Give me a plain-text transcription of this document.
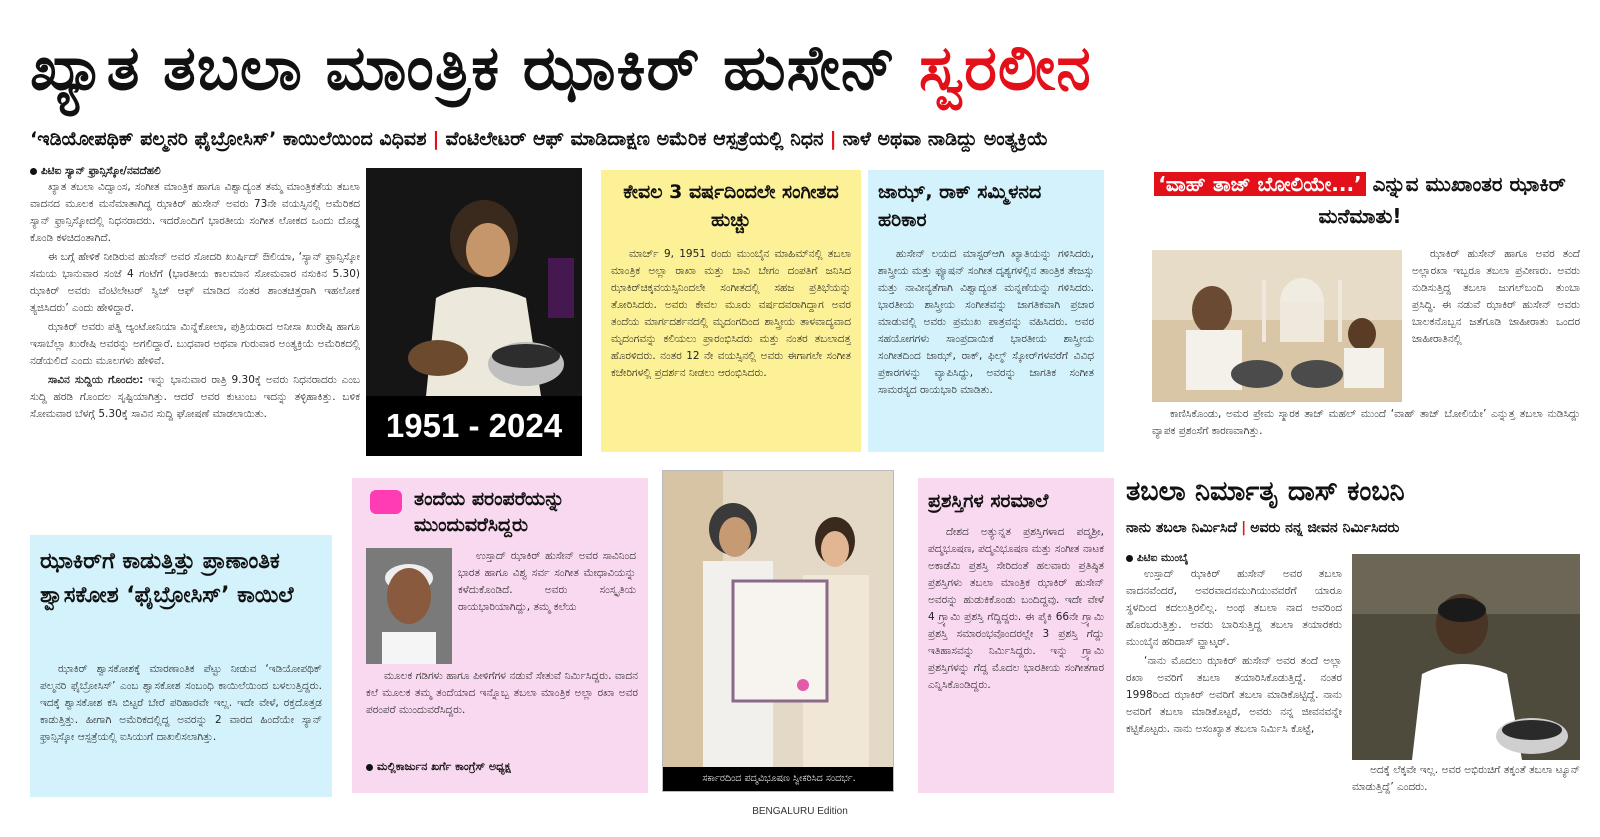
ಖ್ಯಾತ ತಬಲಾ ಮಾಂತ್ರಿಕ ಝಾಕಿರ್ ಹುಸೇನ್ ಸ್ವರಲೀನ
‘ಇಡಿಯೋಪಥಿಕ್ ಪಲ್ಮನರಿ ಫೈಬ್ರೋಸಿಸ್’ ಕಾಯಿಲೆಯಿಂದ ವಿಧಿವಶ | ವೆಂಟಿಲೇಟರ್ ಆಫ್ ಮಾಡಿದಾಕ್ಷಣ ಅಮೆರಿಕ ಆಸ್ಪತ್ರೆಯಲ್ಲಿ ನಿಧನ | ನಾಳೆ ಅಥವಾ ನಾಡಿದ್ದು ಅಂತ್ಯಕ್ರಿಯೆ
ಪಿಟಿಐ ಸ್ಯಾನ್ ಫ್ರಾನ್ಸಿಸ್ಕೋ/ನವದೆಹಲಿ

ಖ್ಯಾತ ತಬಲಾ ವಿದ್ವಾಂಸ, ಸಂಗೀತ ಮಾಂತ್ರಿಕ ಹಾಗೂ ವಿಶ್ವಾದ್ಯಂತ ತಮ್ಮ ಮಾಂತ್ರಿಕತೆಯ ತಬಲಾ ವಾದನದ ಮೂಲಕ ಮನೆಮಾತಾಗಿದ್ದ ಝಾಕಿರ್ ಹುಸೇನ್ ಅವರು 73ನೇ ವಯಸ್ಸಿನಲ್ಲಿ ಅಮೆರಿಕದ ಸ್ಯಾನ್ ಫ್ರಾನ್ಸಿಸ್ಕೋದಲ್ಲಿ ನಿಧನರಾದರು. ಇದರೊಂದಿಗೆ ಭಾರತೀಯ ಸಂಗೀತ ಲೋಕದ ಒಂದು ದೊಡ್ಡ ಕೊಂಡಿ ಕಳಚಿದಂತಾಗಿದೆ.

ಈ ಬಗ್ಗೆ ಹೇಳಿಕೆ ನೀಡಿರುವ ಹುಸೇನ್ ಅವರ ಸೋದರಿ ಖುರ್ಷಿದ್ ಔಲಿಯಾ, ‘ಸ್ಯಾನ್ ಫ್ರಾನ್ಸಿಸ್ಕೋ ಸಮಯ ಭಾನುವಾರ ಸಂಜೆ 4 ಗಂಟೆಗೆ (ಭಾರತೀಯ ಕಾಲಮಾನ ಸೋಮವಾರ ನಸುಕಿನ 5.30) ಝಾಕಿರ್ ಅವರು ವೆಂಟಿಲೇಟರ್ ಸ್ವಿಚ್ ಆಫ್ ಮಾಡಿದ ನಂತರ ಶಾಂತಚಿತ್ತರಾಗಿ ಇಹಲೋಕ ತ್ಯಜಿಸಿದರು’ ಎಂದು ಹೇಳಿದ್ದಾರೆ.

ಝಾಕಿರ್ ಅವರು ಪತ್ನಿ ಆ್ಯಂಟೋನಿಯಾ ಮಿನ್ನೆಕೋಲಾ, ಪುತ್ರಿಯರಾದ ಅನೀಸಾ ಖುರೇಷಿ ಹಾಗೂ ಇಸಾಬೆಲ್ಲಾ ಖುರೇಷಿ ಅವರನ್ನು ಅಗಲಿದ್ದಾರೆ. ಬುಧವಾರ ಅಥವಾ ಗುರುವಾರ ಅಂತ್ಯಕ್ರಿಯೆ ಅಮೆರಿಕದಲ್ಲಿ ನಡೆಯಲಿದೆ ಎಂದು ಮೂಲಗಳು ಹೇಳಿವೆ.

ಸಾವಿನ ಸುದ್ದಿಯ ಗೊಂದಲ: ಇನ್ನು ಭಾನುವಾರ ರಾತ್ರಿ 9.30ಕ್ಕೆ ಅವರು ನಿಧನರಾದರು ಎಂಬ ಸುದ್ದಿ ಹರಡಿ ಗೊಂದಲ ಸೃಷ್ಟಿಯಾಗಿತ್ತು. ಆದರೆ ಅವರ ಕುಟುಂಬ ಇದನ್ನು ತಳ್ಳಿಹಾಕಿತ್ತು. ಬಳಿಕ ಸೋಮವಾರ ಬೆಳಗ್ಗೆ 5.30ಕ್ಕೆ ಸಾವಿನ ಸುದ್ದಿ ಘೋಷಣೆ ಮಾಡಲಾಯಿತು.	1951 - 2024
ಕೇವಲ 3 ವರ್ಷದಿಂದಲೇ ಸಂಗೀತದ ಹುಚ್ಚು

ಮಾರ್ಚ್ 9, 1951 ರಂದು ಮುಂಬೈನ ಮಾಹಿಮ್‌ನಲ್ಲಿ ತಬಲಾ ಮಾಂತ್ರಿಕ ಅಲ್ಲಾ ರಾಖಾ ಮತ್ತು ಬಾವಿ ಬೇಗಂ ದಂಪತಿಗೆ ಜನಿಸಿದ ಝಾಕಿರ್‌ಚಿಕ್ಕವಯಸ್ಸಿನಿಂದಲೇ ಸಂಗೀತದಲ್ಲಿ ಸಹಜ ಪ್ರತಿಭೆಯನ್ನು ತೋರಿಸಿದರು. ಅವರು ಕೇವಲ ಮೂರು ವರ್ಷದವರಾಗಿದ್ದಾಗ ಅವರ ತಂದೆಯ ಮಾರ್ಗದರ್ಶನದಲ್ಲಿ ಮೃದಂಗದಿಂದ ಶಾಸ್ತ್ರೀಯ ತಾಳವಾದ್ಯವಾದ ಮೃದಂಗವನ್ನು ಕಲಿಯಲು ಪ್ರಾರಂಭಿಸಿದರು ಮತ್ತು ನಂತರ ತಬಲಾದತ್ತ ಹೊರಳಿದರು. ನಂತರ 12 ನೇ ವಯಸ್ಸಿನಲ್ಲಿ ಅವರು ಈಗಾಗಲೇ ಸಂಗೀತ ಕಚೇರಿಗಳಲ್ಲಿ ಪ್ರದರ್ಶನ ನೀಡಲು ಆರಂಭಿಸಿದರು.

ಜಾಝ್, ರಾಕ್ ಸಮ್ಮಿಳನದ ಹರಿಕಾರ

ಹುಸೇನ್ ಲಯದ ಮಾಸ್ಟರ್‌ಆಗಿ ಖ್ಯಾತಿಯನ್ನು ಗಳಿಸಿದರು, ಶಾಸ್ತ್ರೀಯ ಮತ್ತು ಫ್ಯೂಷನ್ ಸಂಗೀತ ದೃಶ್ಯಗಳಲ್ಲಿನ ತಾಂತ್ರಿಕ ತೇಜಸ್ಸು ಮತ್ತು ನಾವೀನ್ಯತೆಗಾಗಿ ವಿಶ್ವಾದ್ಯಂತ ಮನ್ನಣೆಯನ್ನು ಗಳಿಸಿದರು. ಭಾರತೀಯ ಶಾಸ್ತ್ರೀಯ ಸಂಗೀತವನ್ನು ಜಾಗತಿಕವಾಗಿ ಪ್ರಚಾರ ಮಾಡುವಲ್ಲಿ ಅವರು ಪ್ರಮುಖ ಪಾತ್ರವನ್ನು ವಹಿಸಿದರು. ಅವರ ಸಹಯೋಗಗಳು ಸಾಂಪ್ರದಾಯಿಕ ಭಾರತೀಯ ಶಾಸ್ತ್ರೀಯ ಸಂಗೀತದಿಂದ ಜಾಝ್, ರಾಕ್, ಫಿಲ್ಮ್ ಸ್ಕೋರ್‌ಗಳವರೆಗೆ ವಿವಿಧ ಪ್ರಕಾರಗಳನ್ನು ವ್ಯಾಪಿಸಿದ್ದು, ಅವರನ್ನು ಜಾಗತಿಕ ಸಂಗೀತ ಸಾಮರಸ್ಯದ ರಾಯಭಾರಿ ಮಾಡಿತು.

‘ವಾಹ್ ತಾಜ್ ಬೋಲಿಯೇ...’ ಎನ್ನುವ ಮುಖಾಂತರ ಝಾಕಿರ್ ಮನೆಮಾತು!

ಝಾಕಿರ್ ಹುಸೇನ್ ಹಾಗೂ ಅವರ ತಂದೆ ಅಲ್ಲಾರಖಾ ಇಬ್ಬರೂ ತಬಲಾ ಪ್ರವೀಣರು. ಅವರು ನುಡಿಸುತ್ತಿದ್ದ ತಬಲಾ ಜುಗಲ್‌ಬಂದಿ ತುಂಬಾ ಪ್ರಸಿದ್ಧಿ. ಈ ನಡುವೆ ಝಾಕಿರ್ ಹುಸೇನ್ ಅವರು ಬಾಲಕನೊಬ್ಬನ ಜತೆಗೂಡಿ ಜಾಹೀರಾತು ಒಂದರ ಜಾಹೀರಾತಿನಲ್ಲಿ

ಕಾಣಿಸಿಕೊಂಡು, ಅಮರ ಪ್ರೇಮ ಸ್ಮಾರಕ ತಾಜ್ ಮಹಲ್ ಮುಂದೆ ‘ವಾಹ್ ತಾಜ್ ಬೋಲಿಯೇ’ ಎನ್ನುತ್ತ ತಬಲಾ ನುಡಿಸಿದ್ದು ವ್ಯಾಪಕ ಪ್ರಶಂಸೆಗೆ ಕಾರಣವಾಗಿತ್ತು.

ಝಾಕಿರ್‌ಗೆ ಕಾಡುತ್ತಿತ್ತು ಪ್ರಾಣಾಂತಿಕ ಶ್ವಾಸಕೋಶ ‘ಫೈಬ್ರೋಸಿಸ್’ ಕಾಯಿಲೆ

ಝಾಕಿರ್ ಶ್ವಾಸಕೋಶಕ್ಕೆ ಮಾರಣಾಂತಿಕ ಪೆಟ್ಟು ನೀಡುವ ‘ಇಡಿಯೋಪಥಿಕ್ ಪಲ್ಮನರಿ ಫೈಬ್ರೋಸಿಸ್’ ಎಂಬ ಶ್ವಾಸಕೋಶ ಸಂಬಂಧಿ ಕಾಯಿಲೆಯಿಂದ ಬಳಲುತ್ತಿದ್ದರು. ಇದಕ್ಕೆ ಶ್ವಾಸಕೋಶ ಕಸಿ ಬಿಟ್ಟರೆ ಬೇರೆ ಪರಿಹಾರವೇ ಇಲ್ಲ. ಇದೇ ವೇಳೆ, ರಕ್ತದೊತ್ತಡ ಕಾಡುತ್ತಿತ್ತು. ಹೀಗಾಗಿ ಅಮೆರಿಕದಲ್ಲಿದ್ದ ಅವರನ್ನು 2 ವಾರದ ಹಿಂದೆಯೇ ಸ್ಯಾನ್ ಫ್ರಾನ್ಸಿಸ್ಕೋ ಆಸ್ಪತ್ರೆಯಲ್ಲಿ ಐಸಿಯುಗೆ ದಾಖಲಿಸಲಾಗಿತ್ತು.

ತಂದೆಯ ಪರಂಪರೆಯನ್ನು ಮುಂದುವರೆಸಿದ್ದರು

ಉಸ್ತಾದ್ ಝಾಕಿರ್ ಹುಸೇನ್ ಅವರ ಸಾವಿನಿಂದ ಭಾರತ ಹಾಗೂ ವಿಶ್ವ ಸರ್ವ ಸಂಗೀತ ಮೇಧಾವಿಯನ್ನು ಕಳೆದುಕೊಂಡಿದೆ. ಅವರು ಸಂಸ್ಕೃತಿಯ ರಾಯಭಾರಿಯಾಗಿದ್ದು, ತಮ್ಮ ಕಲೆಯ

ಮೂಲಕ ಗಡಿಗಳು ಹಾಗೂ ಪೀಳಿಗೆಗಳ ನಡುವೆ ಸೇತುವೆ ನಿರ್ಮಿಸಿದ್ದರು. ವಾದನ ಕಲೆ ಮೂಲಕ ತಮ್ಮ ತಂದೆಯಾದ ಇನ್ನೊಬ್ಬ ತಬಲಾ ಮಾಂತ್ರಿಕ ಅಲ್ಲಾ ರಖಾ ಅವರ ಪರಂಪರೆ ಮುಂದುವರೆಸಿದ್ದರು.

ಮಲ್ಲಿಕಾರ್ಜುನ ಖರ್ಗೆ ಕಾಂಗ್ರೆಸ್ ಅಧ್ಯಕ್ಷ
ಸರ್ಕಾರದಿಂದ ಪದ್ಮವಿಭೂಷಣ ಸ್ವೀಕರಿಸಿದ ಸಂದರ್ಭ.
ಪ್ರಶಸ್ತಿಗಳ ಸರಮಾಲೆ

ದೇಶದ ಅತ್ಯುನ್ನತ ಪ್ರಶಸ್ತಿಗಳಾದ ಪದ್ಮಶ್ರೀ, ಪದ್ಮಭೂಷಣ, ಪದ್ಮವಿಭೂಷಣ ಮತ್ತು ಸಂಗೀತ ನಾಟಕ ಅಕಾಡೆಮಿ ಪ್ರಶಸ್ತಿ ಸೇರಿದಂತೆ ಹಲವಾರು ಪ್ರತಿಷ್ಠಿತ ಪ್ರಶಸ್ತಿಗಳು ತಬಲಾ ಮಾಂತ್ರಿಕ ಝಾಕಿರ್ ಹುಸೇನ್ ಅವರನ್ನು ಹುಡುಕಿಕೊಂಡು ಬಂದಿದ್ದವು. ಇದೇ ವೇಳೆ 4 ಗ್ರ್ಯಾಮಿ ಪ್ರಶಸ್ತಿ ಗೆದ್ದಿದ್ದರು. ಈ ಪೈಕಿ 66ನೇ ಗ್ರ್ಯಾಮಿ ಪ್ರಶಸ್ತಿ ಸಮಾರಂಭವೊಂದರಲ್ಲೇ 3 ಪ್ರಶಸ್ತಿ ಗೆದ್ದು ಇತಿಹಾಸವನ್ನು ನಿರ್ಮಿಸಿದ್ದರು. ಇನ್ನು ಗ್ರ್ಯಾಮಿ ಪ್ರಶಸ್ತಿಗಳನ್ನು ಗೆದ್ದ ಮೊದಲ ಭಾರತೀಯ ಸಂಗೀತಗಾರ ಎನ್ನಿಸಿಕೊಂಡಿದ್ದರು.

ತಬಲಾ ನಿರ್ಮಾತೃ ದಾಸ್ ಕಂಬನಿ
ನಾನು ತಬಲಾ ನಿರ್ಮಿಸಿದೆ | ಅವರು ನನ್ನ ಜೀವನ ನಿರ್ಮಿಸಿದರು
ಪಿಟಿಐ ಮುಂಬೈ

ಉಸ್ತಾದ್ ಝಾಕಿರ್ ಹುಸೇನ್ ಅವರ ತಬಲಾ ವಾದನವೆಂದರೆ, ಅವರವಾದನಮುಗಿಯುವವರೆಗೆ ಯಾರೂ ಸ್ಥಳದಿಂದ ಕದಲುತ್ತಿರಲಿಲ್ಲ. ಅಂಥ ತಬಲಾ ನಾದ ಅವರಿಂದ ಹೊರಬರುತ್ತಿತ್ತು. ಅವರು ಬಾರಿಸುತ್ತಿದ್ದ ತಬಲಾ ತಯಾರಕರು ಮುಂಬೈನ ಹರಿದಾಸ್ ವ್ಹಾಟ್ಕರ್.

‘ನಾನು ಮೊದಲು ಝಾಕಿರ್ ಹುಸೇನ್ ಅವರ ತಂದೆ ಅಲ್ಲಾ ರಖಾ ಅವರಿಗೆ ತಬಲಾ ತಯಾರಿಸಿಕೊಡುತ್ತಿದ್ದೆ. ನಂತರ 1998ರಿಂದ ಝಾಕಿರ್ ಅವರಿಗೆ ತಬಲಾ ಮಾಡಿಕೊಟ್ಟಿದ್ದೆ. ನಾನು ಅವರಿಗೆ ತಬಲಾ ಮಾಡಿಕೊಟ್ಟರೆ, ಅವರು ನನ್ನ ಜೀವನವನ್ನೇ ಕಟ್ಟಿಕೊಟ್ಟರು. ನಾನು ಅಸಂಖ್ಯಾತ ತಬಲಾ ನಿರ್ಮಿಸಿ ಕೊಟ್ಟೆ,

ಅದಕ್ಕೆ ಲೆಕ್ಕವೇ ಇಲ್ಲ. ಅವರ ಅಭಿರುಚಿಗೆ ತಕ್ಕಂತೆ ತಬಲಾ ಟ್ಯೂನ್ ಮಾಡುತ್ತಿದ್ದೆ’ ಎಂದರು.

BENGALURU Edition
